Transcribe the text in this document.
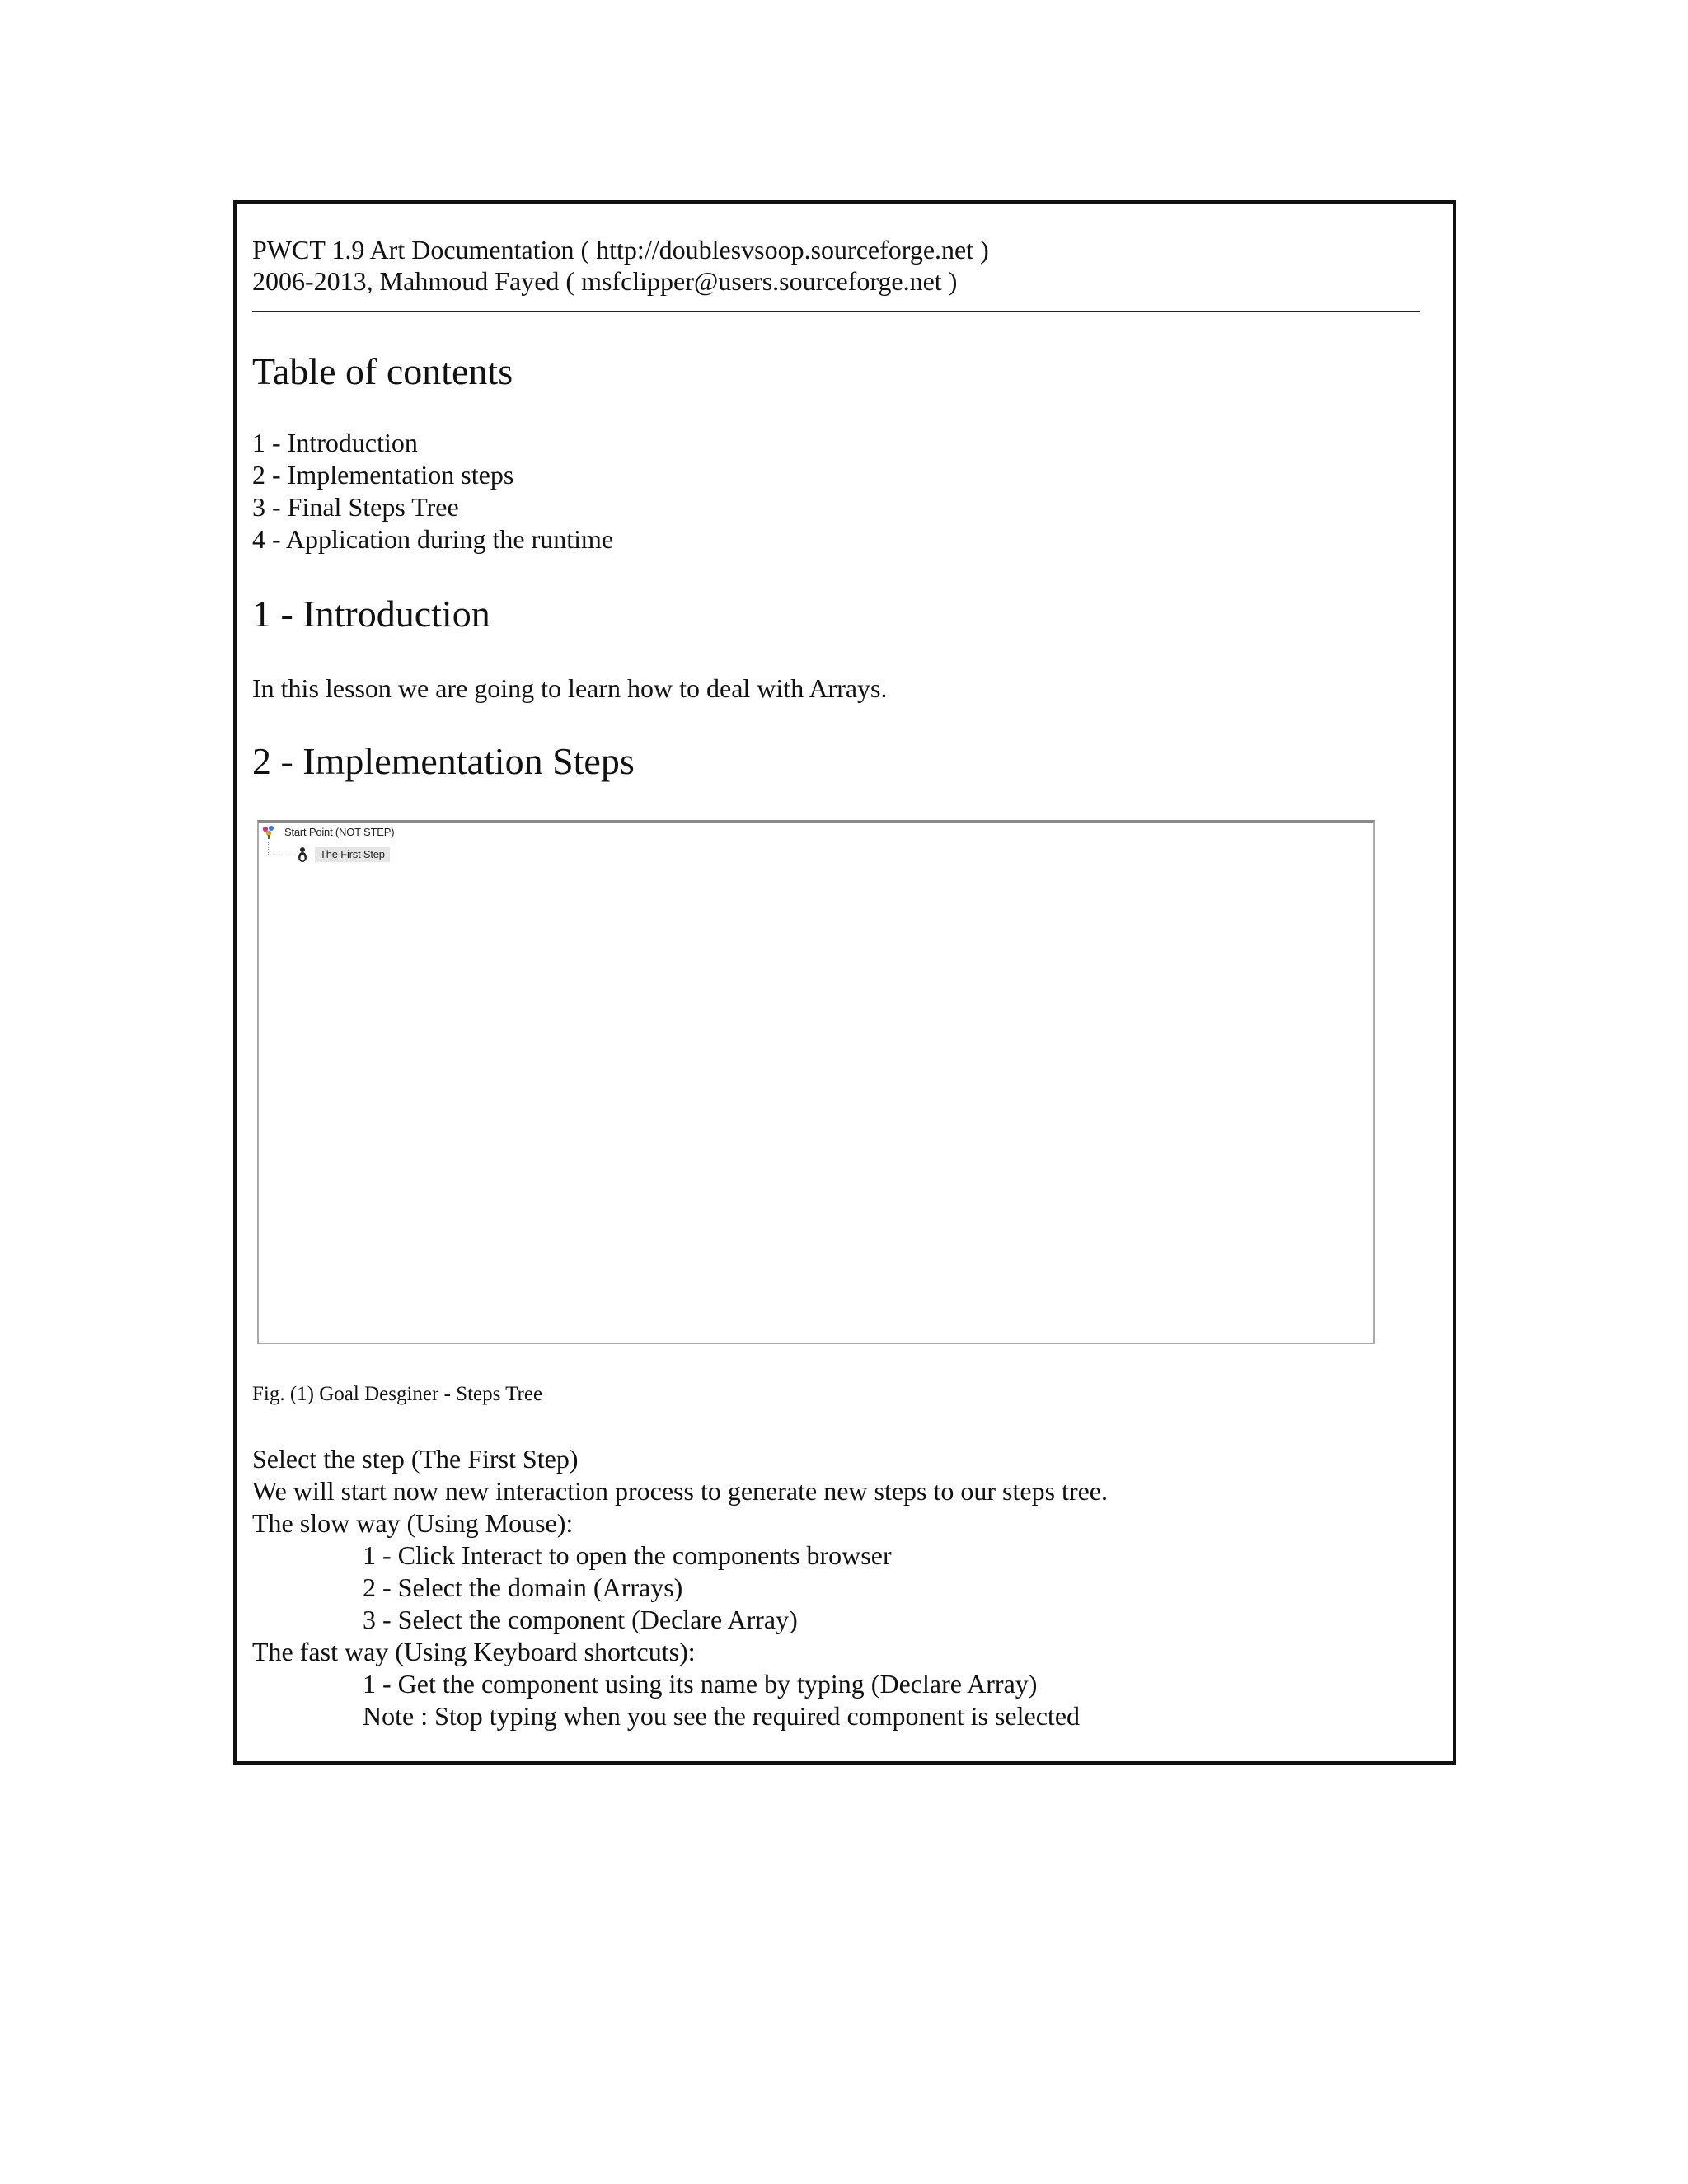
PWCT 1.9 Art Documentation ( http://doublesvsoop.sourceforge.net )

2006-2013, Mahmoud Fayed ( msfclipper@users.sourceforge.net )

Table of contents
1 - Introduction
2 - Implementation steps
3 - Final Steps Tree
4 - Application during the runtime
1 - Introduction

In this lesson we are going to learn how to deal with Arrays.

2 - Implementation Steps
Start Point (NOT STEP)
The First Step

Fig. (1) Goal Desginer - Steps Tree

Select the step (The First Step)

We will start now new interaction process to generate new steps to our steps tree.

The slow way (Using Mouse):

1 - Click Interact to open the components browser

2 - Select the domain (Arrays)

3 - Select the component (Declare Array)

The fast way (Using Keyboard shortcuts):

1 - Get the component using its name by typing (Declare Array)

Note : Stop typing when you see the required component is selected
